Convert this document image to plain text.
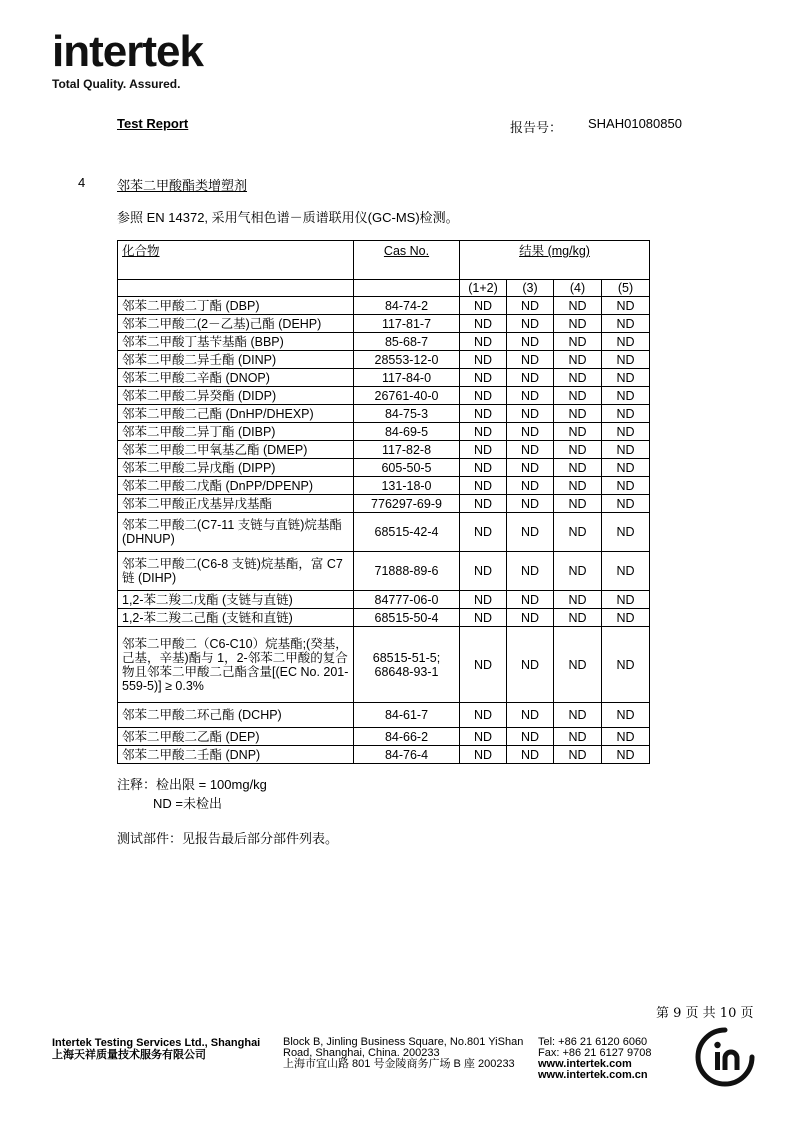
intertek
Total Quality. Assured.
Test Report	报告号： SHAH01080850
4 邻苯二甲酸酯类增塑剂
参照 EN 14372, 采用气相色谱－质谱联用仪(GC-MS)检测。
化合物	Cas No.	结果 (mg/kg)			
		(1+2)	(3)	(4)	(5)
邻苯二甲酸二丁酯 (DBP)	84-74-2	ND	ND	ND	ND
邻苯二甲酸二(2－乙基)己酯 (DEHP)	117-81-7	ND	ND	ND	ND
邻苯二甲酸丁基苄基酯 (BBP)	85-68-7	ND	ND	ND	ND
邻苯二甲酸二异壬酯 (DINP)	28553-12-0	ND	ND	ND	ND
邻苯二甲酸二辛酯 (DNOP)	117-84-0	ND	ND	ND	ND
邻苯二甲酸二异癸酯 (DIDP)	26761-40-0	ND	ND	ND	ND
邻苯二甲酸二己酯 (DnHP/DHEXP)	84-75-3	ND	ND	ND	ND
邻苯二甲酸二异丁酯 (DIBP)	84-69-5	ND	ND	ND	ND
邻苯二甲酸二甲氧基乙酯 (DMEP)	117-82-8	ND	ND	ND	ND
邻苯二甲酸二异戊酯 (DIPP)	605-50-5	ND	ND	ND	ND
邻苯二甲酸二戊酯 (DnPP/DPENP)	131-18-0	ND	ND	ND	ND
邻苯二甲酸正戊基异戊基酯	776297-69-9	ND	ND	ND	ND
邻苯二甲酸二(C7-11 支链与直链)烷基酯 (DHNUP)	68515-42-4	ND	ND	ND	ND
邻苯二甲酸二(C6-8 支链)烷基酯，富 C7 链 (DIHP)	71888-89-6	ND	ND	ND	ND
1,2-苯二羧二戊酯 (支链与直链)	84777-06-0	ND	ND	ND	ND
1,2-苯二羧二己酯 (支链和直链)	68515-50-4	ND	ND	ND	ND
邻苯二甲酸二（C6-C10）烷基酯;(癸基，己基，辛基)酯与 1，2-邻苯二甲酸的复合物且邻苯二甲酸二己酯含量[(EC No. 201-559-5)] ≥ 0.3%	68515-51-5; 68648-93-1	ND	ND	ND	ND
邻苯二甲酸二环己酯 (DCHP)	84-61-7	ND	ND	ND	ND
邻苯二甲酸二乙酯 (DEP)	84-66-2	ND	ND	ND	ND
邻苯二甲酸二壬酯 (DNP)	84-76-4	ND	ND	ND	ND
注释：检出限 = 100mg/kg
ND =未检出
测试部件：见报告最后部分部件列表。
第 9 页 共 10 页
Intertek Testing Services Ltd., Shanghai
上海天祥质量技术服务有限公司
Block B, Jinling Business Square, No.801 YiShan
Road, Shanghai, China. 200233
上海市宜山路 801 号金陵商务广场 B 座 200233
Tel: +86 21 6120 6060
Fax: +86 21 6127 9708
www.intertek.com
www.intertek.com.cn
